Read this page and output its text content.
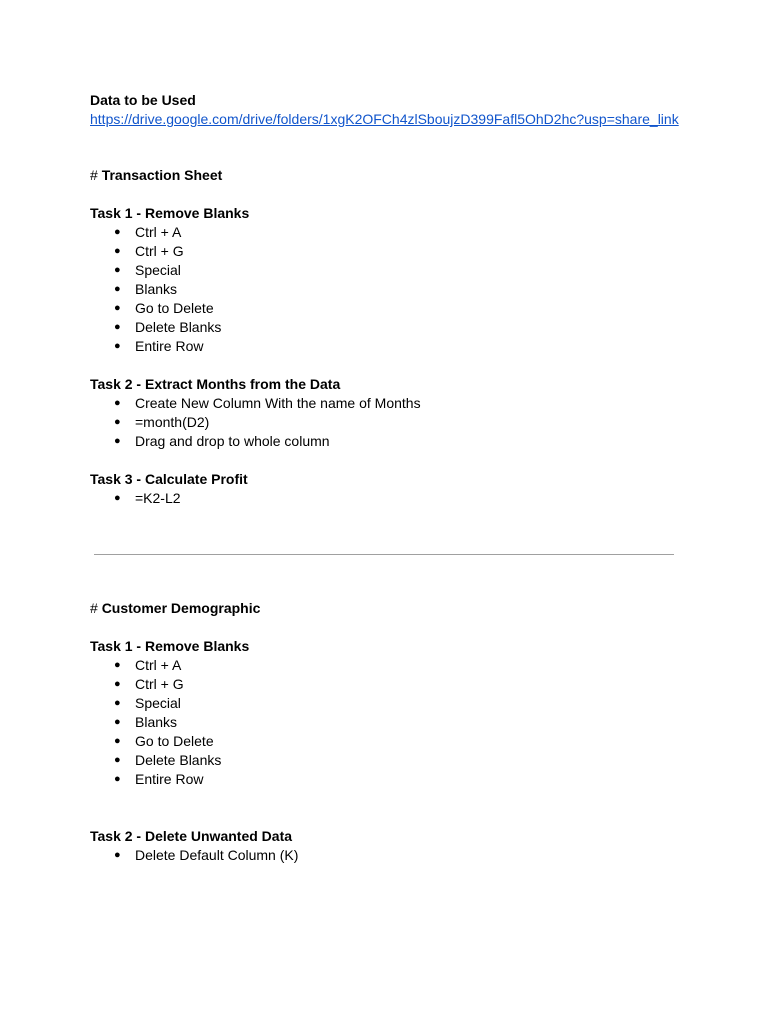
Data to be Used
https://drive.google.com/drive/folders/1xgK2OFCh4zlSboujzD399Fafl5OhD2hc?usp=share_link
# Transaction Sheet
Task 1 - Remove Blanks
● Ctrl + A
● Ctrl + G
● Special
● Blanks
● Go to Delete
● Delete Blanks
● Entire Row
Task 2 - Extract Months from the Data
● Create New Column With the name of Months
● =month(D2)
● Drag and drop to whole column
Task 3 - Calculate Profit
● =K2-L2
# Customer Demographic
Task 1 - Remove Blanks
● Ctrl + A
● Ctrl + G
● Special
● Blanks
● Go to Delete
● Delete Blanks
● Entire Row
Task 2 - Delete Unwanted Data
● Delete Default Column (K)
